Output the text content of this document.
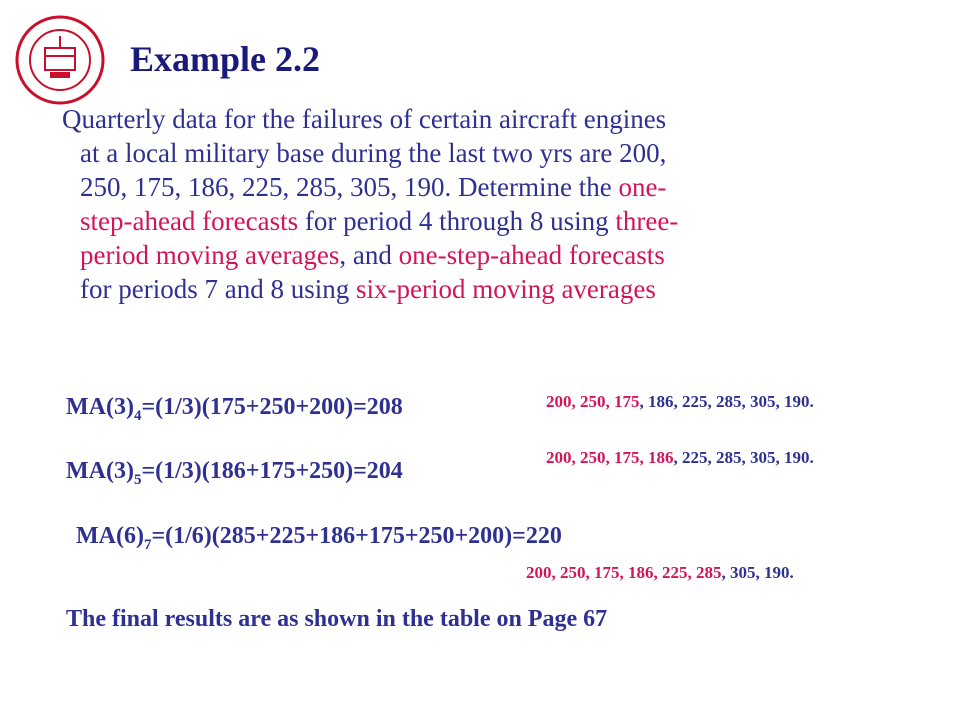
Example 2.2
Quarterly data for the failures of certain aircraft engines
at a local military base during the last two yrs are 200,
250, 175, 186, 225, 285, 305, 190. Determine the one-
step-ahead forecasts for period 4 through 8 using three-
period moving averages, and one-step-ahead forecasts
for periods 7 and 8 using six-period moving averages
$MA(3)_4=(1/3)(175+250+200)=208$	200, 250, 175, 186, 225, 285, 305, 190.
$MA(3)_5=(1/3)(186+175+250)=204$
200, 250, 175, 186, 225, 285, 305, 190.
$MA(6)_7=(1/6)(285+225+186+175+250+200)=220$
200, 250, 175, 186, 225, 285, 305, 190.
The final results are as shown in the table on Page 67
